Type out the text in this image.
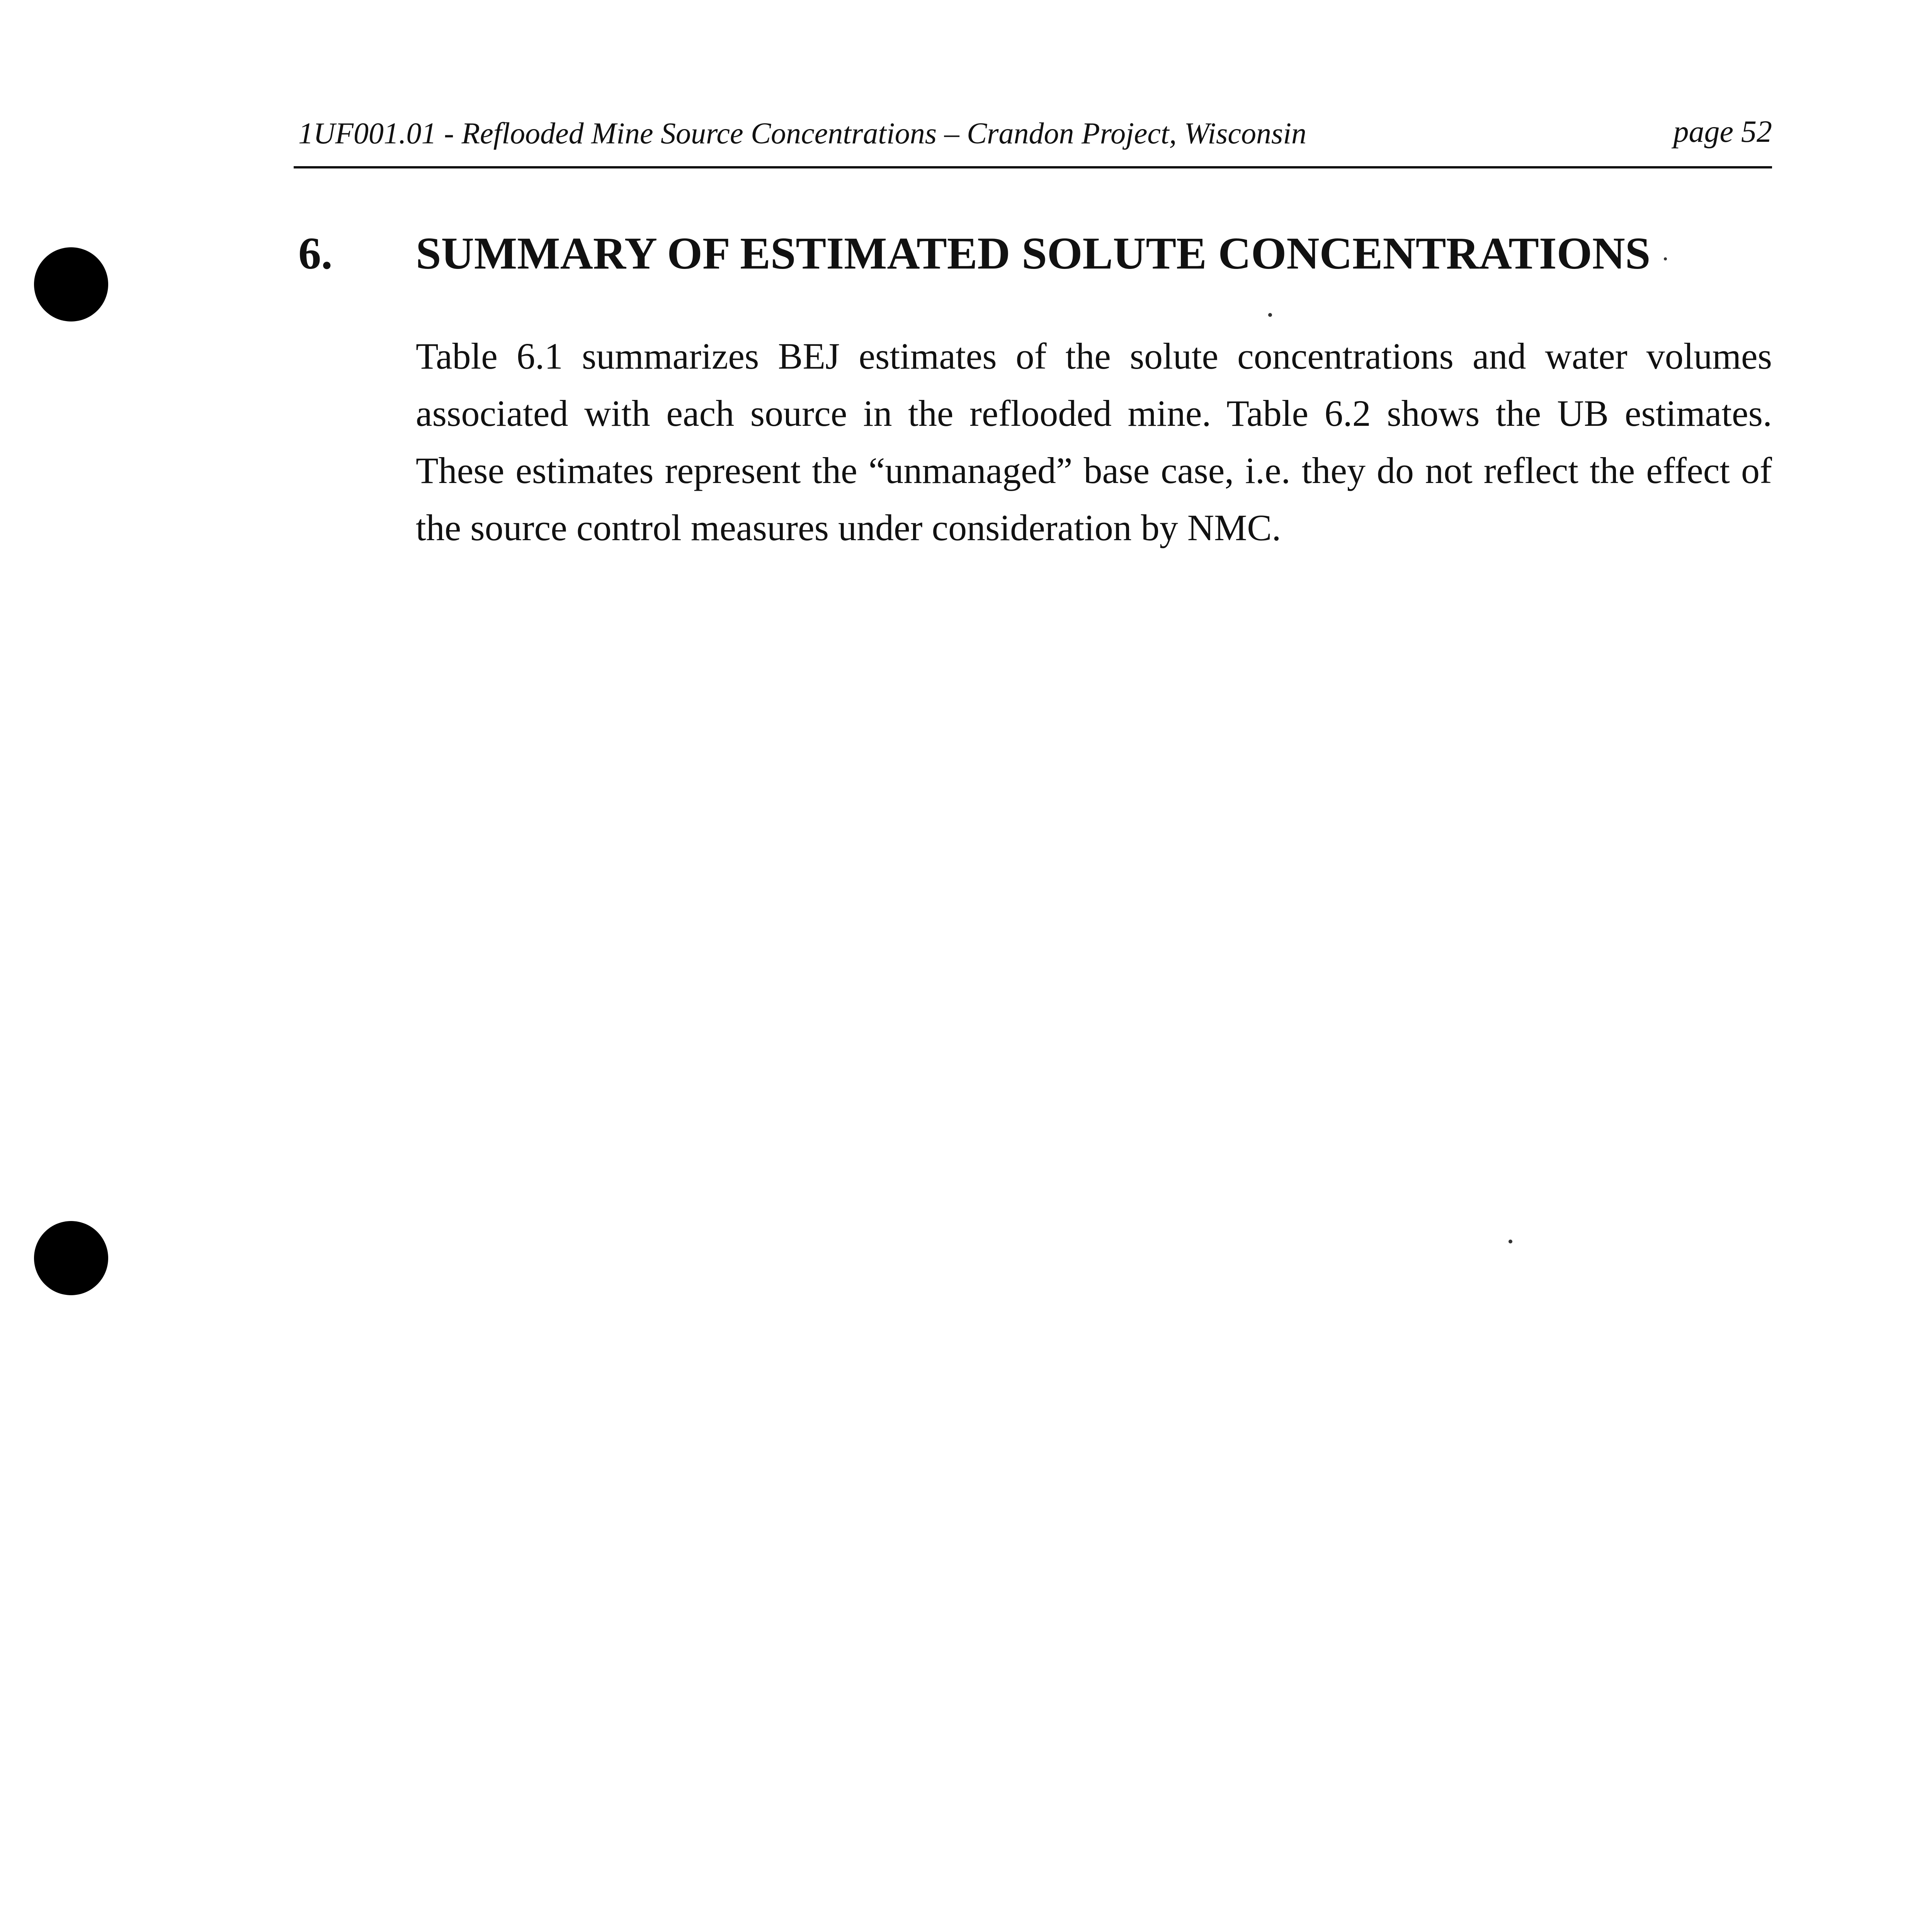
1UF001.01 - Reflooded Mine Source Concentrations – Crandon Project, Wisconsin	page 52
6. SUMMARY OF ESTIMATED SOLUTE CONCENTRATIONS
Table 6.1 summarizes BEJ estimates of the solute concentrations and water volumes associated with each source in the reflooded mine. Table 6.2 shows the UB estimates. These estimates represent the “unmanaged” base case, i.e. they do not reflect the effect of the source control measures under consideration by NMC.
